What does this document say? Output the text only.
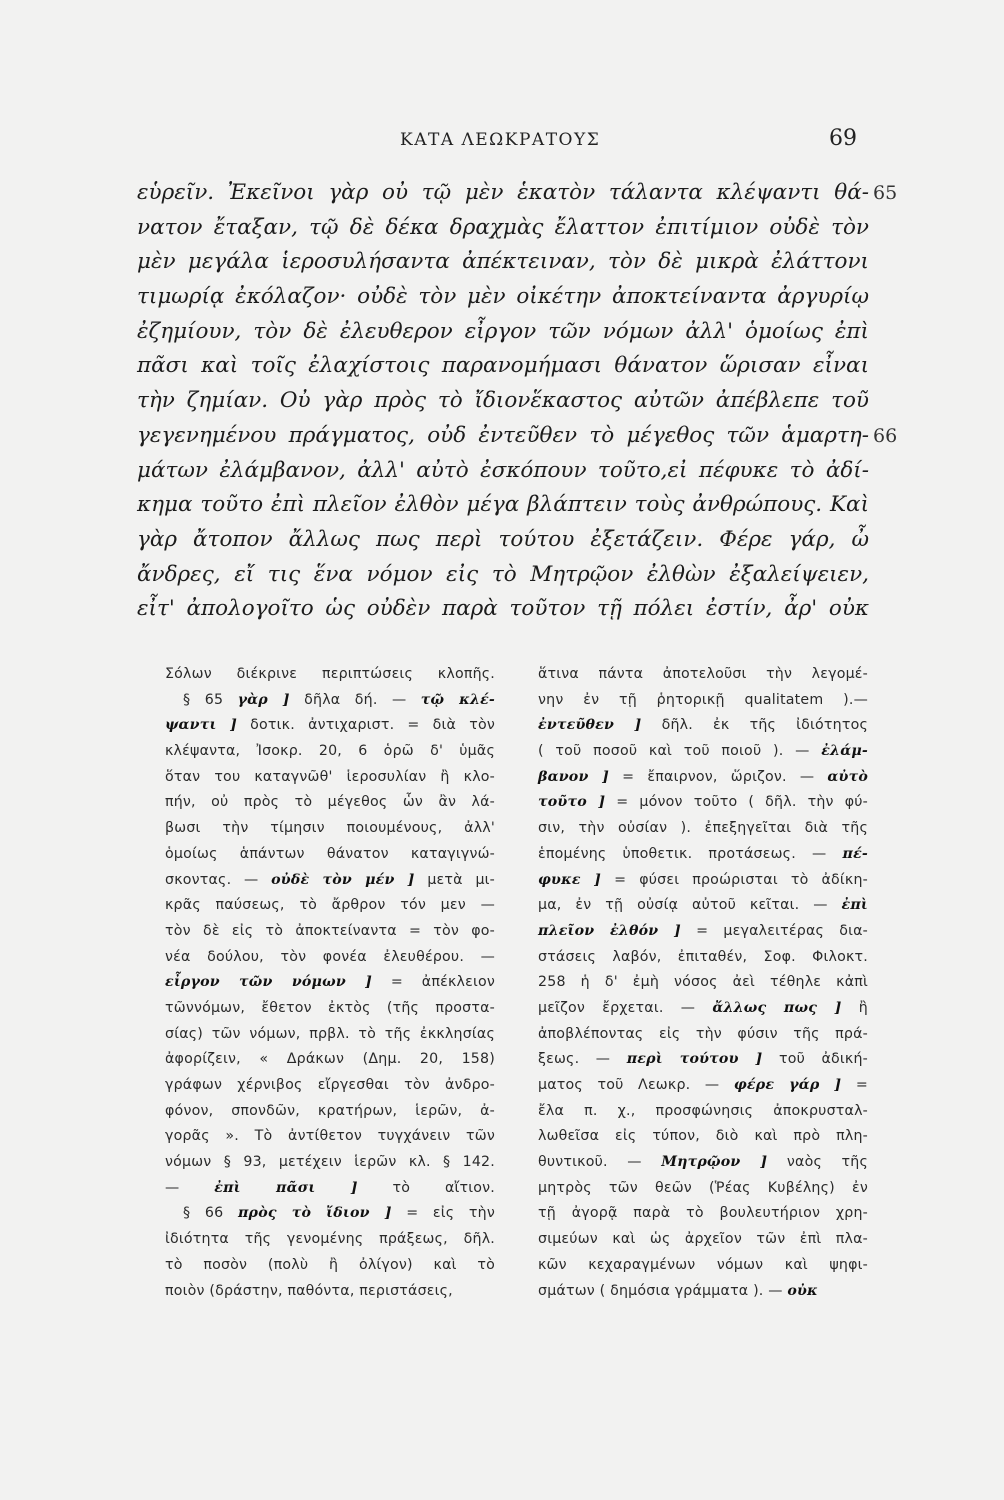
ΚΑΤΑ ΛΕΩΚΡΑΤΟΥΣ	69
εὑρεῖν. Ἐκεῖνοι γὰρ οὐ τῷ μὲν ἑκατὸν τάλαντα κλέψαντι θά-
νατον ἔταξαν, τῷ δὲ δέκα δραχμὰς ἔλαττον ἐπιτίμιον οὐδὲ τὸν
μὲν μεγάλα ἱεροσυλήσαντα ἀπέκτειναν, τὸν δὲ μικρὰ ἐλάττονι
τιμωρίᾳ ἐκόλαζον· οὐδὲ τὸν μὲν οἰκέτην ἀποκτείναντα ἀργυρίῳ
ἐζημίουν, τὸν δὲ ἐλευθερον εἶργον τῶν νόμων ἀλλ' ὁμοίως ἐπὶ
πᾶσι καὶ τοῖς ἐλαχίστοις παρανομήμασι θάνατον ὥρισαν εἶναι
τὴν ζημίαν. Οὐ γὰρ πρὸς τὸ ἴδιονἕκαστος αὐτῶν ἀπέβλεπε τοῦ
γεγενημένου πράγματος, οὐδ ἐντεῦθεν τὸ μέγεθος τῶν ἁμαρτη-
μάτων ἐλάμβανον, ἀλλ' αὐτὸ ἐσκόπουν τοῦτο,εἰ πέφυκε τὸ ἀδί-
κημα τοῦτο ἐπὶ πλεῖον ἐλθὸν μέγα βλάπτειν τοὺς ἀνθρώπους. Καὶ
γὰρ ἄτοπον ἄλλως πως περὶ τούτου ἐξετάζειν. Φέρε γάρ, ὦ
ἄνδρες, εἴ τις ἕνα νόμον εἰς τὸ Μητρῷον ἐλθὼν ἐξαλείψειεν,
εἶτ' ἀπολογοῖτο ὡς οὐδὲν παρὰ τοῦτον τῇ πόλει ἐστίν, ἆρ' οὐκ
65
66
Σόλων διέκρινε περιπτώσεις κλοπῆς.
§ 65 γὰρ ] δῆλα δή. — τῷ κλέ-
ψαντι ] δοτικ. ἀντιχαριστ. = διὰ τὸν
κλέψαντα, Ἰσοκρ. 20, 6 ὁρῶ δ' ὑμᾶς
ὅταν του καταγνῶθ' ἱεροσυλίαν ἢ κλο-
πήν, οὐ πρὸς τὸ μέγεθος ὧν ἂν λά-
βωσι τὴν τίμησιν ποιουμένους, ἀλλ'
ὁμοίως ἁπάντων θάνατον καταγιγνώ-
σκοντας. — οὐδὲ τὸν μέν ] μετὰ μι-
κρᾶς παύσεως, τὸ ἄρθρον τόν μεν —
τὸν δὲ εἰς τὸ ἀποκτείναντα = τὸν φο-
νέα δούλου, τὸν φονέα ἐλευθέρου. —
εἶργον τῶν νόμων ] = ἀπέκλειον
τῶννόμων, ἔθετον ἐκτὸς (τῆς προστα-
σίας) τῶν νόμων, πρβλ. τὸ τῆς ἐκκλησίας
ἀφορίζειν, « Δράκων (Δημ. 20, 158)
γράφων χέρνιβος εἴργεσθαι τὸν ἀνδρο-
φόνον, σπονδῶν, κρατήρων, ἱερῶν, ἀ-
γορᾶς ». Τὸ ἀντίθετον τυγχάνειν τῶν
νόμων § 93, μετέχειν ἱερῶν κλ. § 142.
— ἐπὶ πᾶσι ] τὸ αἴτιον.
§ 66 πρὸς τὸ ἴδιον ] = εἰς τὴν
ἰδιότητα τῆς γενομένης πράξεως, δῆλ.
τὸ ποσὸν (πολὺ ἢ ὀλίγον) καὶ τὸ
ποιὸν (δράστην, παθόντα, περιστάσεις,
ἅτινα πάντα ἀποτελοῦσι τὴν λεγομέ-
νην ἐν τῇ ῥητορικῇ qualitatem ).—
ἐντεῦθεν ] δῆλ. ἐκ τῆς ἰδιότητος
( τοῦ ποσοῦ καὶ τοῦ ποιοῦ ). — ἐλάμ-
βανον ] = ἔπαιρνον, ὥριζον. — αὐτὸ
τοῦτο ] = μόνον τοῦτο ( δῆλ. τὴν φύ-
σιν, τὴν οὐσίαν ). ἐπεξηγεῖται διὰ τῆς
ἑπομένης ὑποθετικ. προτάσεως. — πέ-
φυκε ] = φύσει προώρισται τὸ ἀδίκη-
μα, ἐν τῇ οὐσίᾳ αὐτοῦ κεῖται. — ἐπὶ
πλεῖον ἐλθόν ] = μεγαλειτέρας δια-
στάσεις λαβόν, ἐπιταθέν, Σοφ. Φιλοκτ.
258 ἡ δ' ἐμὴ νόσος ἀεὶ τέθηλε κἀπὶ
μεῖζον ἔρχεται. — ἄλλως πως ] ἢ
ἀποβλέποντας εἰς τὴν φύσιν τῆς πρά-
ξεως. — περὶ τούτου ] τοῦ ἀδική-
ματος τοῦ Λεωκρ. — φέρε γάρ ] =
ἔλα π. χ., προσφώνησις ἀποκρυσταλ-
λωθεῖσα εἰς τύπον, διὸ καὶ πρὸ πλη-
θυντικοῦ. — Μητρῷον ] ναὸς τῆς
μητρὸς τῶν θεῶν (Ῥέας Κυβέλης) ἐν
τῇ ἀγορᾷ παρὰ τὸ βουλευτήριον χρη-
σιμεύων καὶ ὡς ἀρχεῖον τῶν ἐπὶ πλα-
κῶν κεχαραγμένων νόμων καὶ ψηφι-
σμάτων ( δημόσια γράμματα ). — οὐκ
